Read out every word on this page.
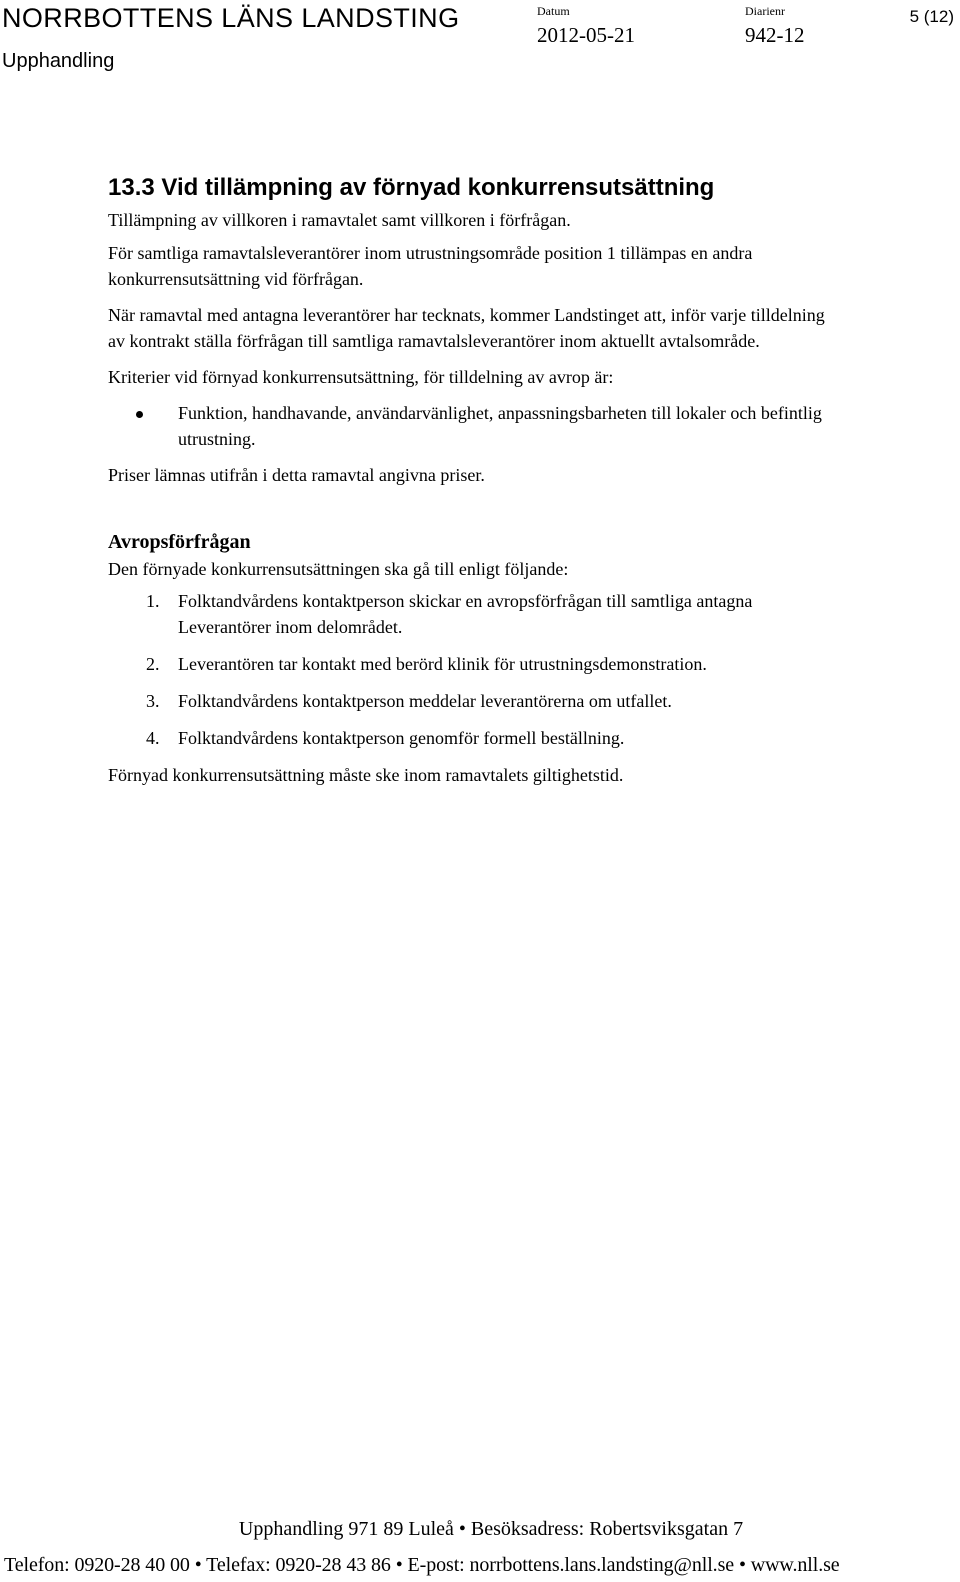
NORRBOTTENS LÄNS LANDSTING
Upphandling
Datum
2012-05-21
Diarienr
942-12
5 (12)
13.3 Vid tillämpning av förnyad konkurrensutsättning

Tillämpning av villkoren i ramavtalet samt villkoren i förfrågan.

För samtliga ramavtalsleverantörer inom utrustningsområde position 1 tillämpas en andra konkurrensutsättning vid förfrågan.

När ramavtal med antagna leverantörer har tecknats, kommer Landstinget att, inför varje tilldelning av kontrakt ställa förfrågan till samtliga ramavtalsleverantörer inom aktuellt avtalsområde.

Kriterier vid förnyad konkurrensutsättning, för tilldelning av avrop är:

Funktion, handhavande, användarvänlighet, anpassningsbarheten till lokaler och befintlig utrustning.

Priser lämnas utifrån i detta ramavtal angivna priser.

Avropsförfrågan

Den förnyade konkurrensutsättningen ska gå till enligt följande:

1. Folktandvårdens kontaktperson skickar en avropsförfrågan till samtliga antagna Leverantörer inom delområdet.
2. Leverantören tar kontakt med berörd klinik för utrustningsdemonstration.
3. Folktandvårdens kontaktperson meddelar leverantörerna om utfallet.
4. Folktandvårdens kontaktperson genomför formell beställning.

Förnyad konkurrensutsättning måste ske inom ramavtalets giltighetstid.

Upphandling 971 89 Luleå • Besöksadress: Robertsviksgatan 7
Telefon: 0920-28 40 00 • Telefax: 0920-28 43 86 • E-post: norrbottens.lans.landsting@nll.se • www.nll.se
